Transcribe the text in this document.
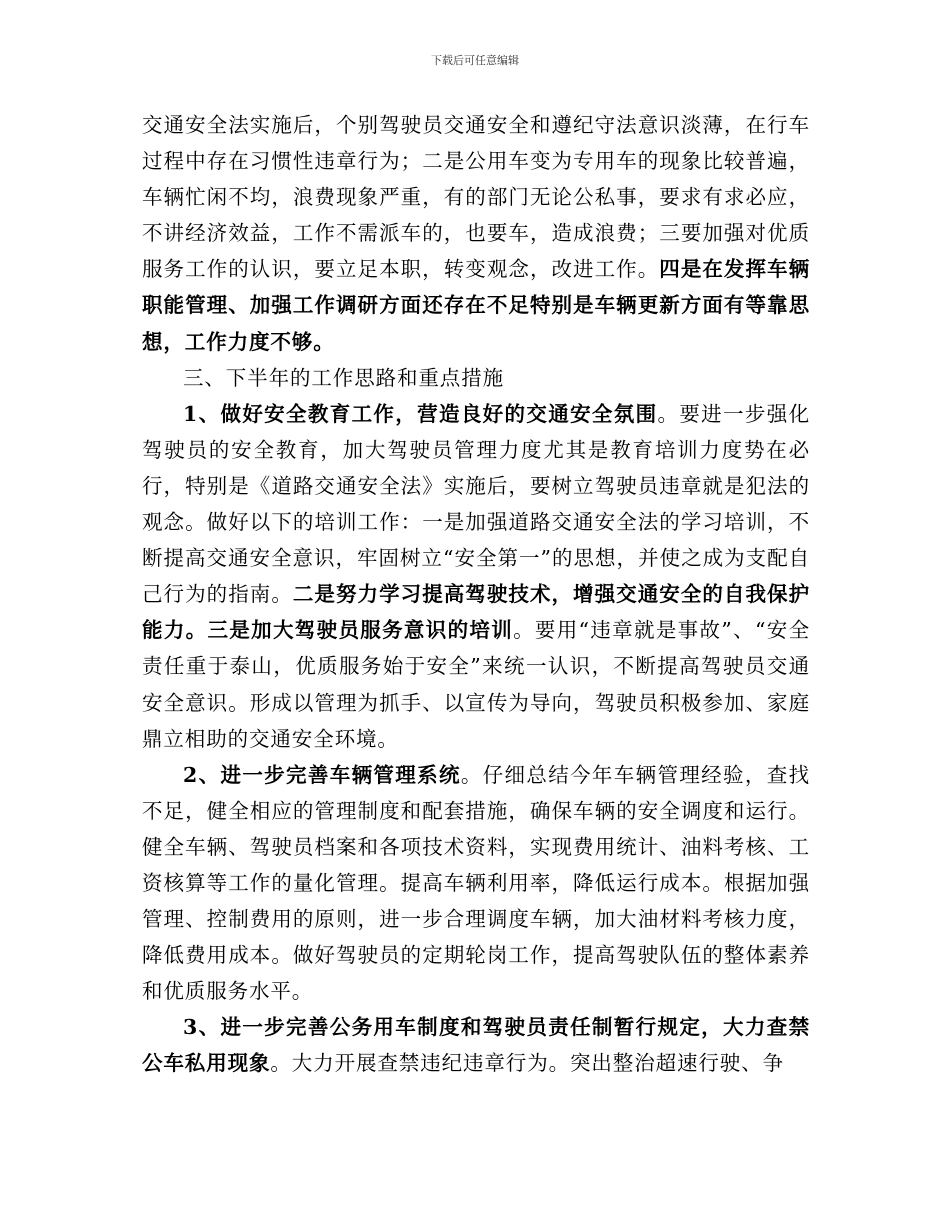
下载后可任意编辑

交通安全法实施后，个别驾驶员交通安全和遵纪守法意识淡薄，在行车过程中存在习惯性违章行为；二是公用车变为专用车的现象比较普遍，车辆忙闲不均，浪费现象严重，有的部门无论公私事，要求有求必应，不讲经济效益，工作不需派车的，也要车，造成浪费；三要加强对优质服务工作的认识，要立足本职，转变观念，改进工作。四是在发挥车辆职能管理、加强工作调研方面还存在不足特别是车辆更新方面有等靠思想，工作力度不够。

三、下半年的工作思路和重点措施

1、做好安全教育工作，营造良好的交通安全氛围。要进一步强化驾驶员的安全教育，加大驾驶员管理力度尤其是教育培训力度势在必行，特别是《道路交通安全法》实施后，要树立驾驶员违章就是犯法的观念。做好以下的培训工作：一是加强道路交通安全法的学习培训，不断提高交通安全意识，牢固树立“安全第一”的思想，并使之成为支配自己行为的指南。二是努力学习提高驾驶技术，增强交通安全的自我保护能力。三是加大驾驶员服务意识的培训。要用“违章就是事故”、“安全责任重于泰山，优质服务始于安全”来统一认识，不断提高驾驶员交通安全意识。形成以管理为抓手、以宣传为导向，驾驶员积极参加、家庭鼎立相助的交通安全环境。

2、进一步完善车辆管理系统。仔细总结今年车辆管理经验，查找不足，健全相应的管理制度和配套措施，确保车辆的安全调度和运行。健全车辆、驾驶员档案和各项技术资料，实现费用统计、油料考核、工资核算等工作的量化管理。提高车辆利用率，降低运行成本。根据加强管理、控制费用的原则，进一步合理调度车辆，加大油材料考核力度，降低费用成本。做好驾驶员的定期轮岗工作，提高驾驶队伍的整体素养和优质服务水平。

3、进一步完善公务用车制度和驾驶员责任制暂行规定，大力查禁公车私用现象。大力开展查禁违纪违章行为。突出整治超速行驶、争
